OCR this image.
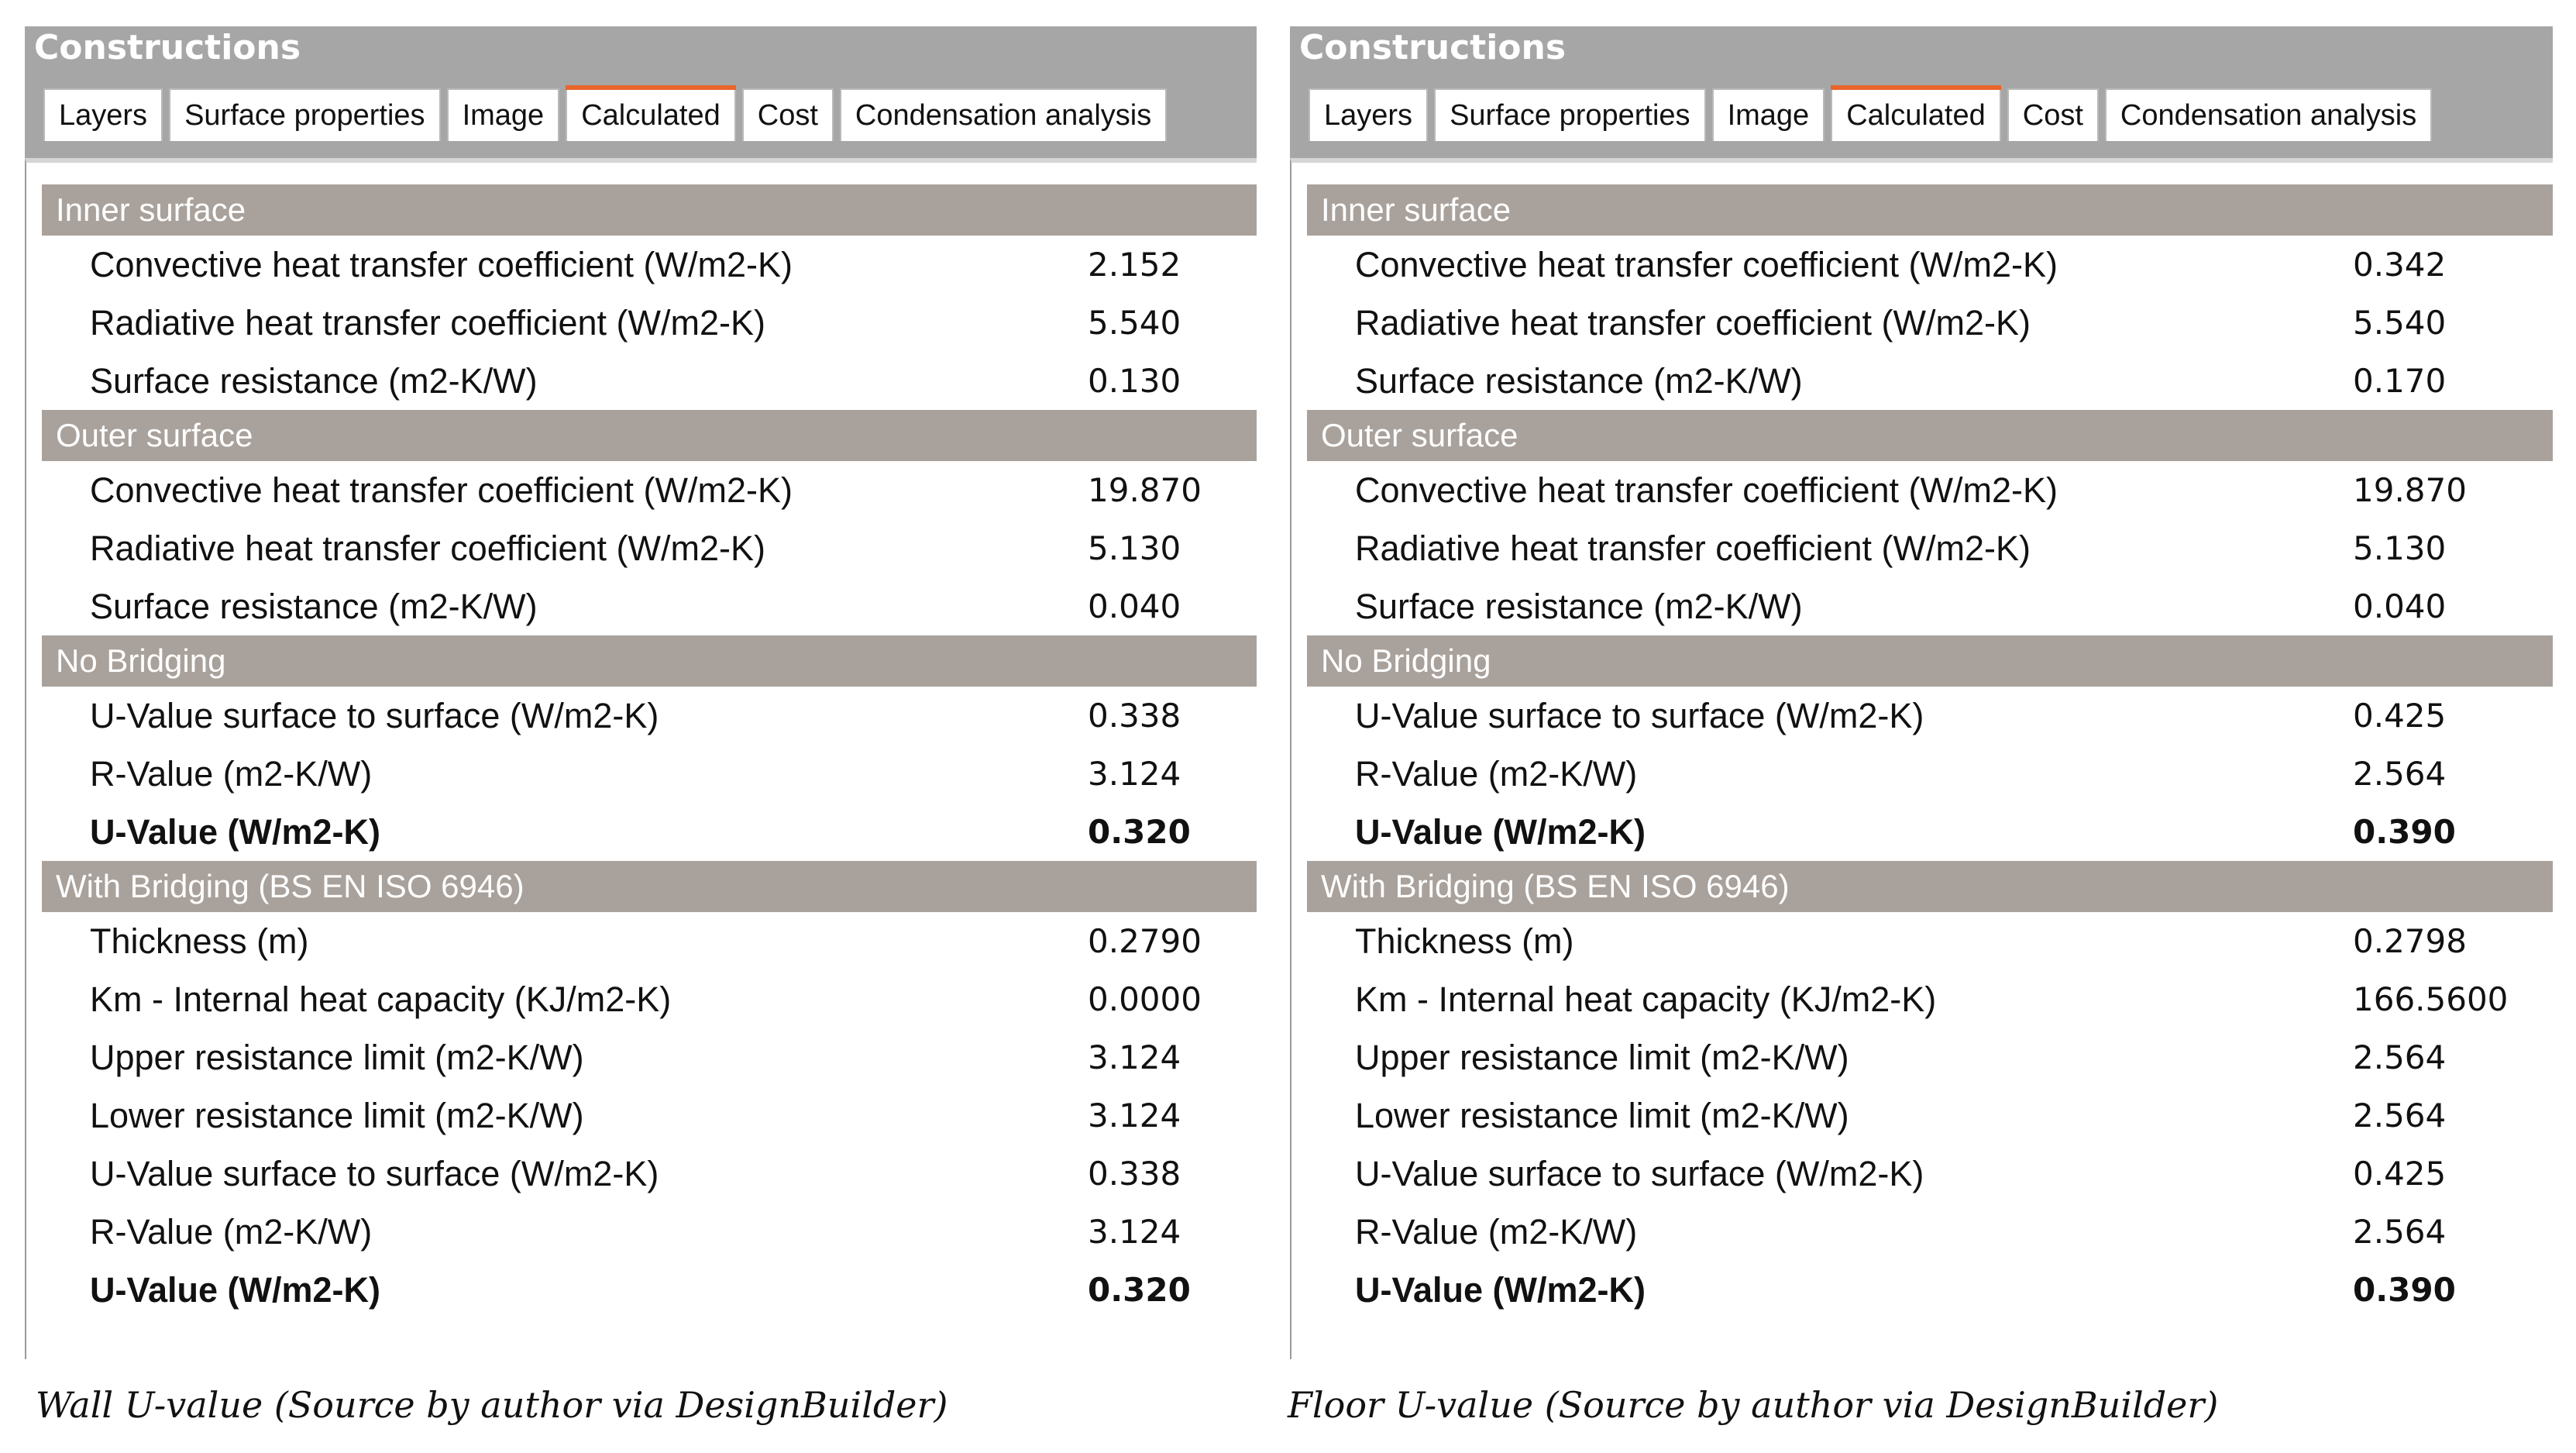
Constructions
Layers	Surface properties	Image	Calculated	Cost	Condensation analysis
Inner surface
Convective heat transfer coefficient (W/m2-K)	2.152
Radiative heat transfer coefficient (W/m2-K)	5.540
Surface resistance (m2-K/W)	0.130
Outer surface
Convective heat transfer coefficient (W/m2-K)	19.870
Radiative heat transfer coefficient (W/m2-K)	5.130
Surface resistance (m2-K/W)	0.040
No Bridging
U-Value surface to surface (W/m2-K)	0.338
R-Value (m2-K/W)	3.124
U-Value (W/m2-K)	0.320
With Bridging (BS EN ISO 6946)
Thickness (m)	0.2790
Km - Internal heat capacity (KJ/m2-K)	0.0000
Upper resistance limit (m2-K/W)	3.124
Lower resistance limit (m2-K/W)	3.124
U-Value surface to surface (W/m2-K)	0.338
R-Value (m2-K/W)	3.124
U-Value (W/m2-K)	0.320
Constructions
Layers	Surface properties	Image	Calculated	Cost	Condensation analysis
Inner surface
Convective heat transfer coefficient (W/m2-K)	0.342
Radiative heat transfer coefficient (W/m2-K)	5.540
Surface resistance (m2-K/W)	0.170
Outer surface
Convective heat transfer coefficient (W/m2-K)	19.870
Radiative heat transfer coefficient (W/m2-K)	5.130
Surface resistance (m2-K/W)	0.040
No Bridging
U-Value surface to surface (W/m2-K)	0.425
R-Value (m2-K/W)	2.564
U-Value (W/m2-K)	0.390
With Bridging (BS EN ISO 6946)
Thickness (m)	0.2798
Km - Internal heat capacity (KJ/m2-K)	166.5600
Upper resistance limit (m2-K/W)	2.564
Lower resistance limit (m2-K/W)	2.564
U-Value surface to surface (W/m2-K)	0.425
R-Value (m2-K/W)	2.564
U-Value (W/m2-K)	0.390
Wall U-value (Source by author via DesignBuilder)	Floor U-value (Source by author via DesignBuilder)
